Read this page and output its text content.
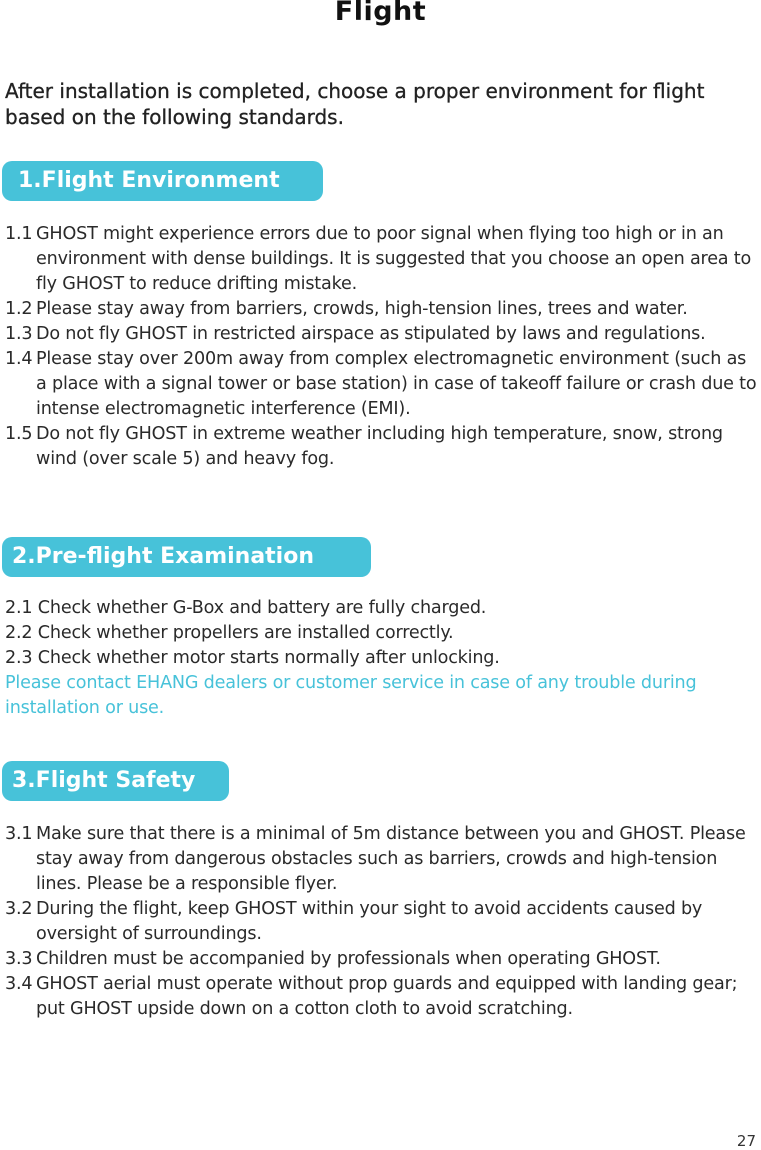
Flight
After installation is completed, choose a proper environment for flight based on the following standards.
1.Flight Environment
1.1 GHOST might experience errors due to poor signal when flying too high or in an environment with dense buildings. It is suggested that you choose an open area to fly GHOST to reduce drifting mistake.
1.2 Please stay away from barriers, crowds, high-tension lines, trees and water.
1.3 Do not fly GHOST in restricted airspace as stipulated by laws and regulations.
1.4 Please stay over 200m away from complex electromagnetic environment (such as a place with a signal tower or base station) in case of takeoff failure or crash due to intense electromagnetic interference (EMI).
1.5 Do not fly GHOST in extreme weather including high temperature, snow, strong wind (over scale 5) and heavy fog.
2.Pre-flight Examination
2.1 Check whether G-Box and battery are fully charged.
2.2 Check whether propellers are installed correctly.
2.3 Check whether motor starts normally after unlocking.
Please contact EHANG dealers or customer service in case of any trouble during installation or use.
3.Flight Safety
3.1 Make sure that there is a minimal of 5m distance between you and GHOST. Please stay away from dangerous obstacles such as barriers, crowds and high-tension lines. Please be a responsible flyer.
3.2 During the flight, keep GHOST within your sight to avoid accidents caused by oversight of surroundings.
3.3 Children must be accompanied by professionals when operating GHOST.
3.4 GHOST aerial must operate without prop guards and equipped with landing gear; put GHOST upside down on a cotton cloth to avoid scratching.
27
